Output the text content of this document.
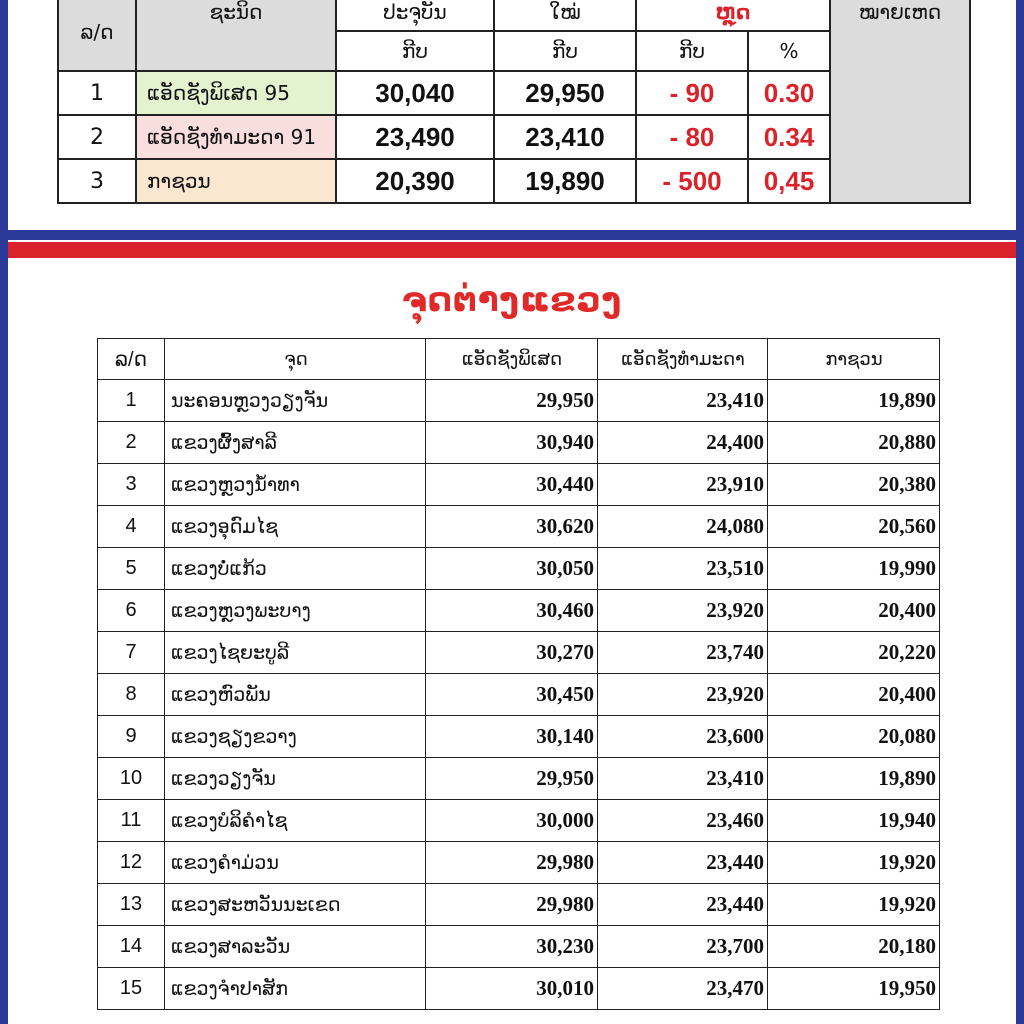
ລ/ດ	ຊະນິດ	ປະຈຸບັນ	ໃໝ່	ຫຼຸດ		ໝາຍເຫດ
		ກີບ	ກີບ	ກີບ	%	
1	ແອັດຊັງພິເສດ 95	30,040	29,950	- 90	0.30	
2	ແອັດຊັງທຳມະດາ 91	23,490	23,410	- 80	0.34	
3	ກາຊວນ	20,390	19,890	- 500	0,45	
ຈຸດຕ່າງແຂວງ
ລ/ດ	ຈຸດ	ແອັດຊັງພິເສດ	ແອັດຊັງທຳມະດາ	ກາຊວນ
1	ນະຄອນຫຼວງວຽງຈັນ	29,950	23,410	19,890
2	ແຂວງຜົ້ງສາລີ	30,940	24,400	20,880
3	ແຂວງຫຼວງນ້ຳທາ	30,440	23,910	20,380
4	ແຂວງອຸດົມໄຊ	30,620	24,080	20,560
5	ແຂວງບໍ່ແກ້ວ	30,050	23,510	19,990
6	ແຂວງຫຼວງພະບາງ	30,460	23,920	20,400
7	ແຂວງໄຊຍະບູລີ	30,270	23,740	20,220
8	ແຂວງຫົວພັນ	30,450	23,920	20,400
9	ແຂວງຊຽງຂວາງ	30,140	23,600	20,080
10	ແຂວງວຽງຈັນ	29,950	23,410	19,890
11	ແຂວງບໍລິຄຳໄຊ	30,000	23,460	19,940
12	ແຂວງຄຳມ່ວນ	29,980	23,440	19,920
13	ແຂວງສະຫວັນນະເຂດ	29,980	23,440	19,920
14	ແຂວງສາລະວັນ	30,230	23,700	20,180
15	ແຂວງຈຳປາສັກ	30,010	23,470	19,950
